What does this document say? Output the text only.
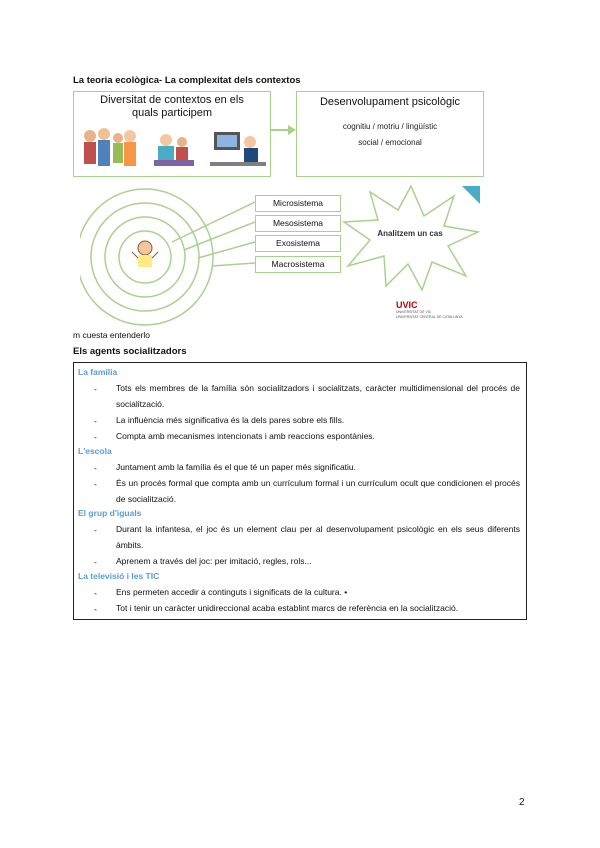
La teoria ecològica- La complexitat dels contextos
Diversitat de contextos en els quals participem
Desenvolupament psicològic
cognitiu / motriu / lingüístic
social / emocional
Microsistema
Mesosistema
Exosistema
Macrosistema
Analitzem un cas
UVIC
UNIVERSITAT DE VIC
UNIVERSITAT CENTRAL DE CATALUNYA
m cuesta entenderlo
Els agents socialitzadors
La família
- Tots els membres de la família són socialitzadors i socialitzats, caràcter multidimensional del procés de socialització.
- La influència més significativa és la dels pares sobre els fills.
- Compta amb mecanismes intencionats i amb reaccions espontànies.
L'escola
- Juntament amb la família és el que té un paper més significatiu.
- És un procés formal que compta amb un currículum formal i un currículum ocult que condicionen el procés de socialització.
El grup d'iguals
- Durant la infantesa, el joc és un element clau per al desenvolupament psicològic en els seus diferents àmbits.
- Aprenem a través del joc: per imitació, regles, rols...
La televisió i les TIC
- Ens permeten accedir a continguts i significats de la cultura. •
- Tot i tenir un caràcter unidireccional acaba establint marcs de referència en la socialització.
2
